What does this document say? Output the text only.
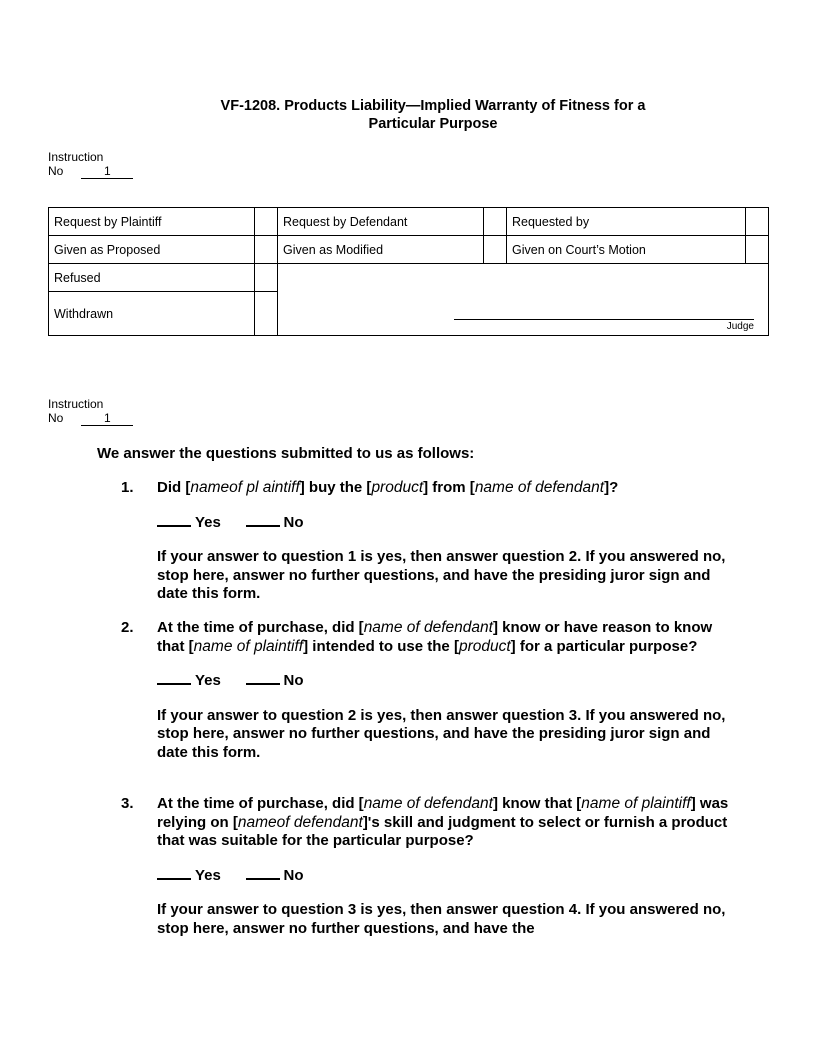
VF-1208. Products Liability—Implied Warranty of Fitness for a
Particular Purpose
Instruction
No	1
Request by Plaintiff		Request by Defendant		Requested by	
Given as Proposed		Given as Modified		Given on Court’s Motion	
Refused		Judge			

Withdrawn					
Instruction
No	1
We answer the questions submitted to us as follows:
1. Did [nameof pl aintiff] buy the [product] from [name of defendant]?

Yes	No

If your answer to question 1 is yes, then answer question 2. If you answered no, stop here, answer no further questions, and have the presiding juror sign and date this form.

2. At the time of purchase, did [name of defendant] know or have reason to know that [name of plaintiff] intended to use the [product] for a particular purpose?

Yes	No

If your answer to question 2 is yes, then answer question 3. If you answered no, stop here, answer no further questions, and have the presiding juror sign and date this form.

3. At the time of purchase, did [name of defendant] know that [name of plaintiff] was relying on [nameof defendant]'s skill and judgment to select or furnish a product that was suitable for the particular purpose?

Yes	No

If your answer to question 3 is yes, then answer question 4. If you answered no, stop here, answer no further questions, and have the
